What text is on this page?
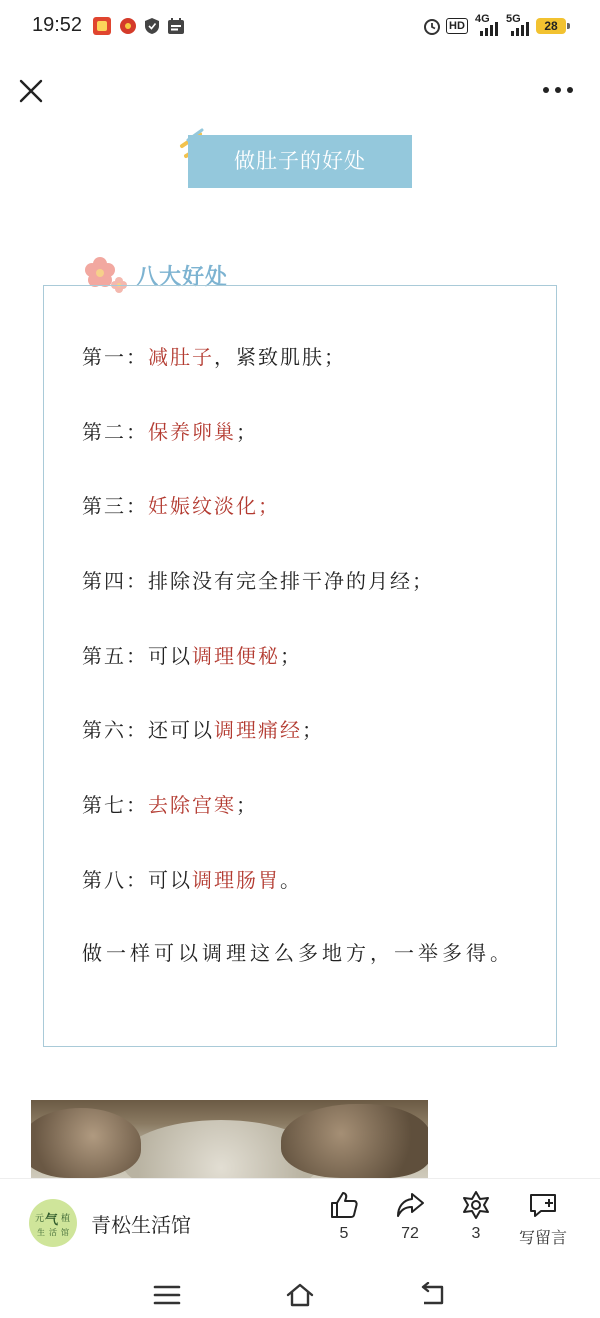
19:52	HD
4G 5G	28
做肚子的好处
八大好处
第一：减肚子，紧致肌肤；
第二：保养卵巢；
第三：妊娠纹淡化；
第四：排除没有完全排干净的月经；
第五：可以调理便秘；
第六：还可以调理痛经；
第七：去除宫寒；
第八：可以调理肠胃。
做一样可以调理这么多地方，一举多得。
元 气 植
生活馆 青松生活馆	5	72	3	写留言
